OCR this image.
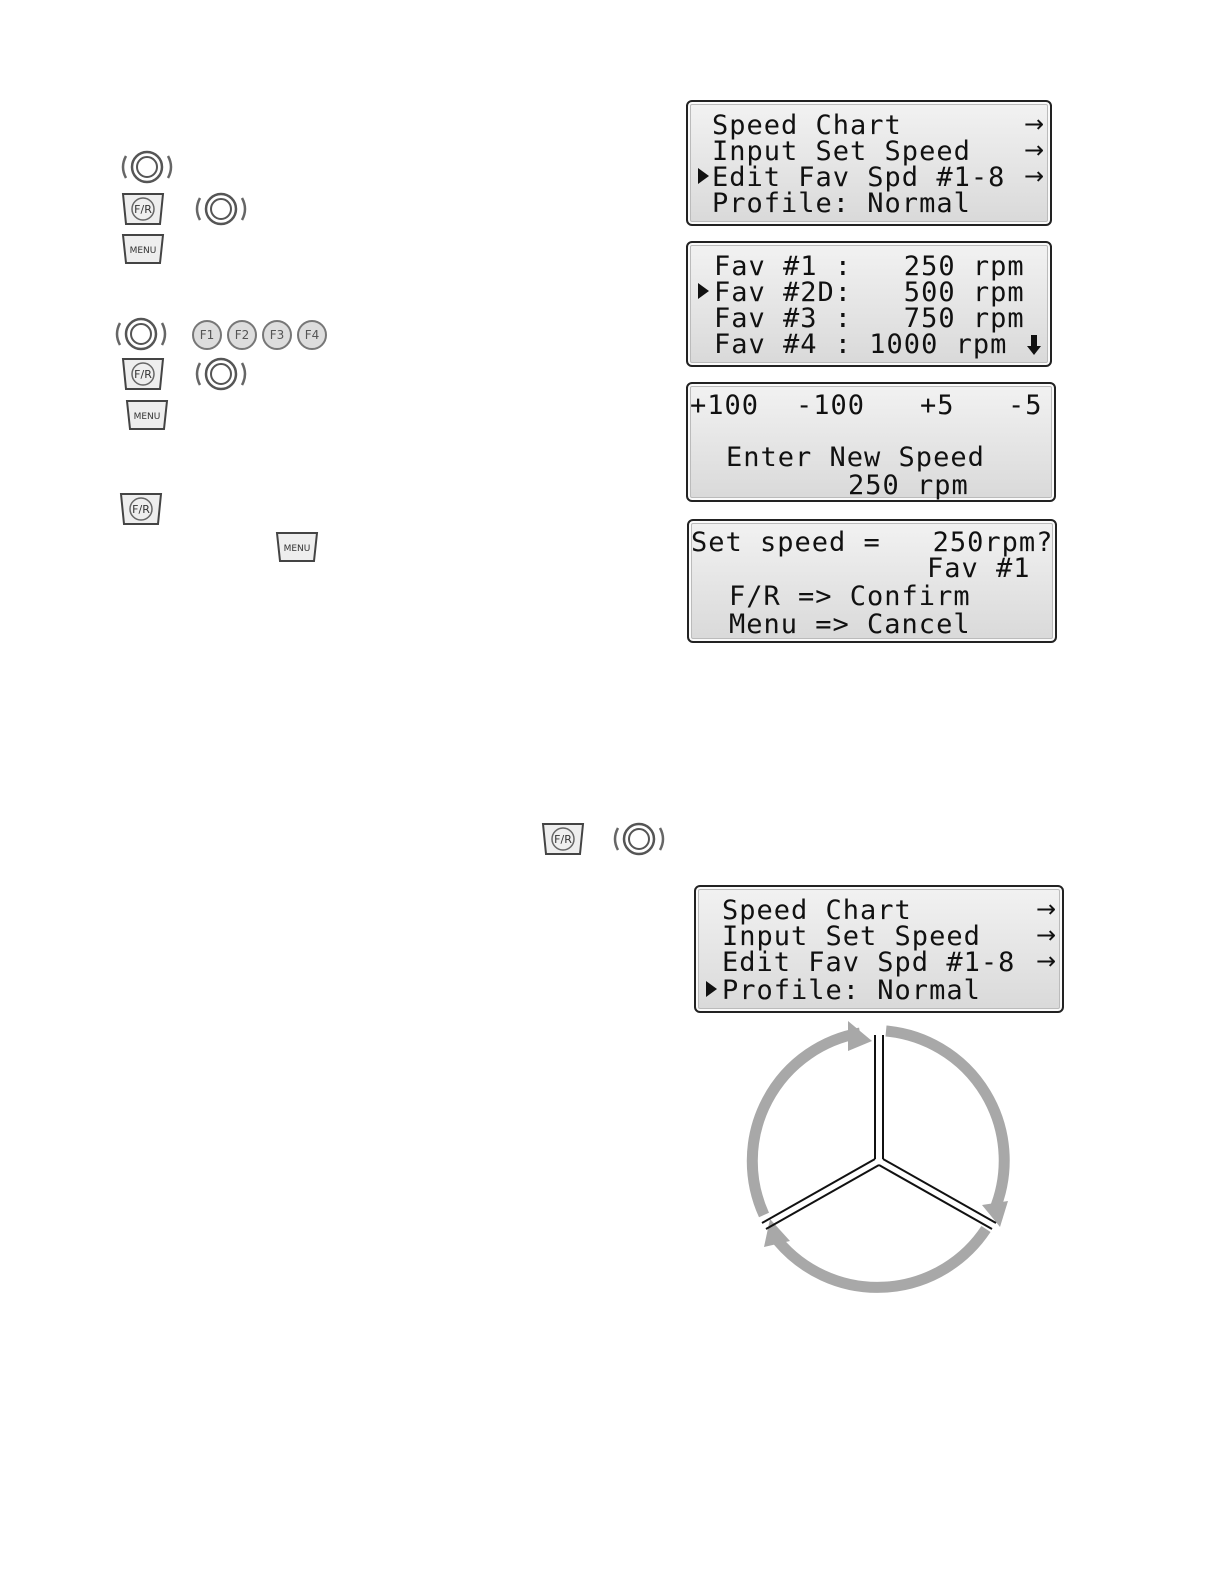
F/R
MENU
F1 F2 F3 F4
F/R
MENU
F/R
MENU
F/R
Speed Chart	→
Input Set Speed →
Edit Fav Spd #1-8 →
Profile: Normal
Fav #1 :   250 rpm
Fav #2D:   500 rpm
Fav #3 :   750 rpm
Fav #4 : 1000 rpm
+100 -100 +5 -5
Enter New Speed
250 rpm
Set speed =   250rpm?
Fav #1
F/R => Confirm
Menu => Cancel
Speed Chart	→
Input Set Speed →
Edit Fav Spd #1-8 →
Profile: Normal
